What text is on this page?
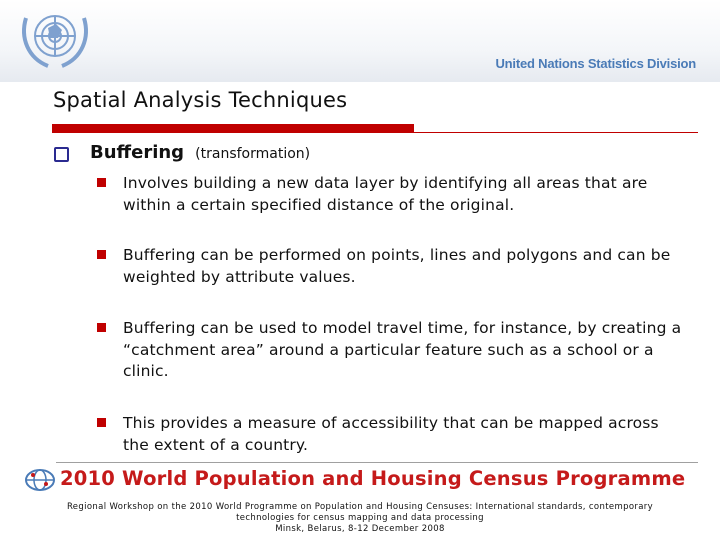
United Nations Statistics Division
Spatial Analysis Techniques
Buffering (transformation)
Involves building a new data layer by identifying all areas that are within a certain specified distance of the original.
Buffering can be performed on points, lines and polygons and can be weighted by attribute values.
Buffering can be used to model travel time, for instance, by creating a “catchment area” around a particular feature such as a school or a clinic.
This provides a measure of accessibility that can be mapped across the extent of a country.
2010 World Population and Housing Census Programme
Regional Workshop on the 2010 World Programme on Population and Housing Censuses: International standards, contemporary
technologies for census mapping and data processing
Minsk, Belarus, 8-12 December 2008
